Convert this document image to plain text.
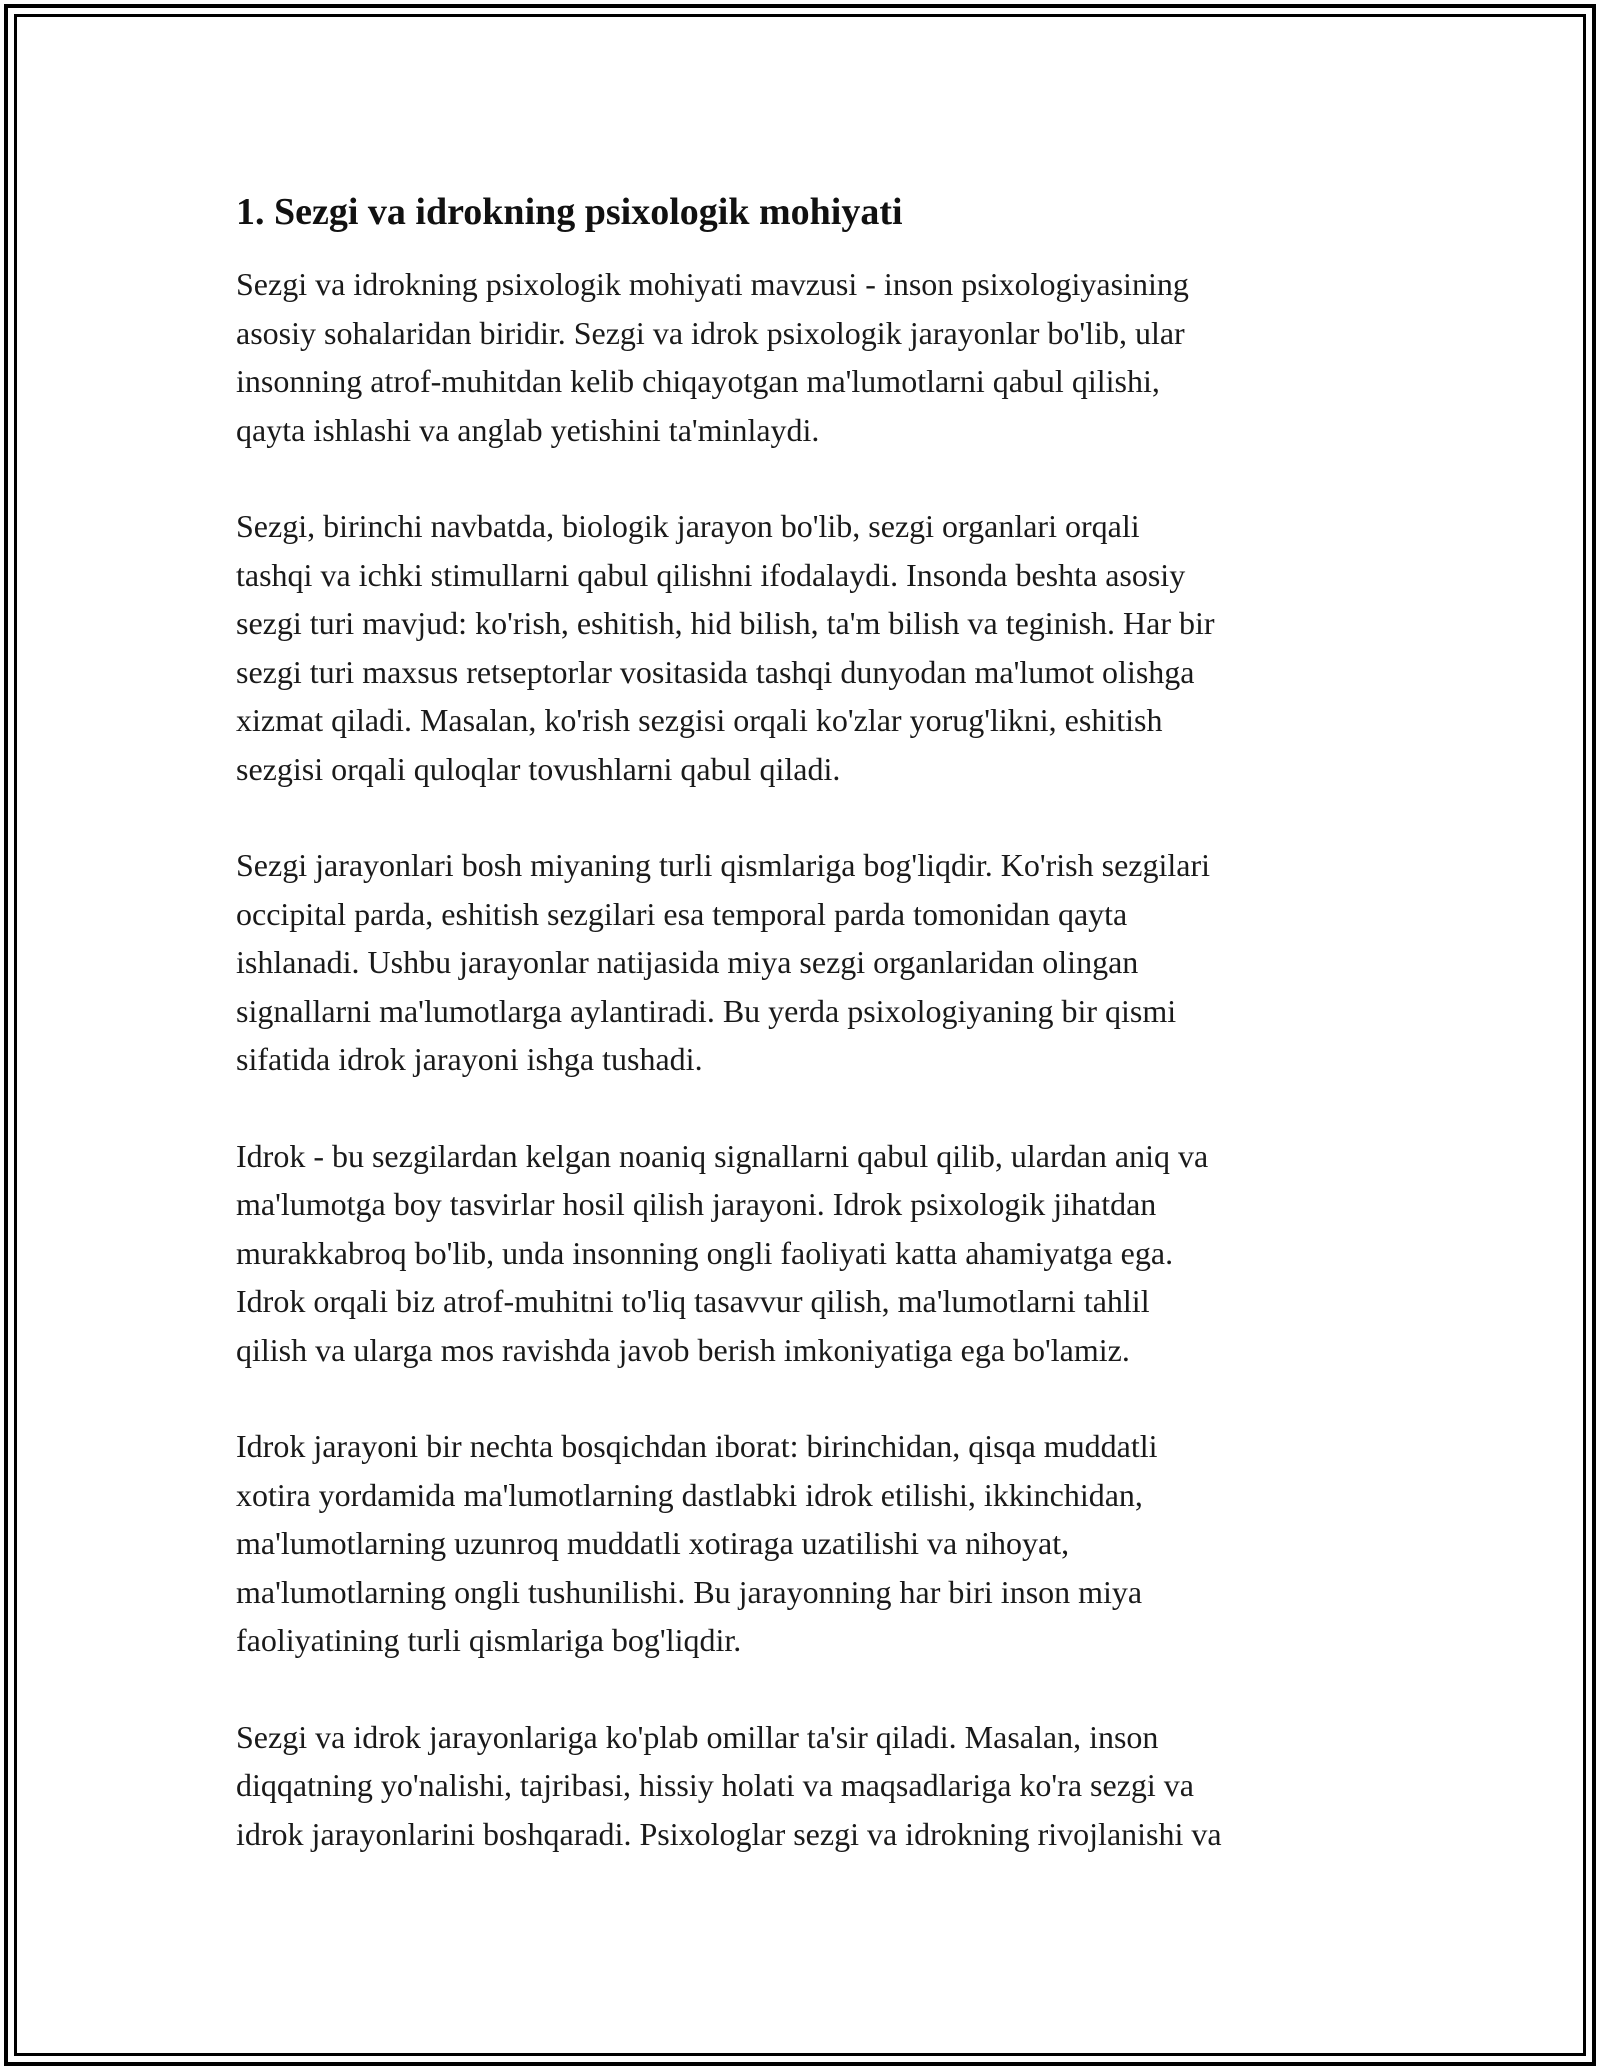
1. Sezgi va idrokning psixologik mohiyati

Sezgi va idrokning psixologik mohiyati mavzusi - inson psixologiyasining
asosiy sohalaridan biridir. Sezgi va idrok psixologik jarayonlar bo'lib, ular
insonning atrof-muhitdan kelib chiqayotgan ma'lumotlarni qabul qilishi,
qayta ishlashi va anglab yetishini ta'minlaydi.

Sezgi, birinchi navbatda, biologik jarayon bo'lib, sezgi organlari orqali
tashqi va ichki stimullarni qabul qilishni ifodalaydi. Insonda beshta asosiy
sezgi turi mavjud: ko'rish, eshitish, hid bilish, ta'm bilish va teginish. Har bir
sezgi turi maxsus retseptorlar vositasida tashqi dunyodan ma'lumot olishga
xizmat qiladi. Masalan, ko'rish sezgisi orqali ko'zlar yorug'likni, eshitish
sezgisi orqali quloqlar tovushlarni qabul qiladi.

Sezgi jarayonlari bosh miyaning turli qismlariga bog'liqdir. Ko'rish sezgilari
occipital parda, eshitish sezgilari esa temporal parda tomonidan qayta
ishlanadi. Ushbu jarayonlar natijasida miya sezgi organlaridan olingan
signallarni ma'lumotlarga aylantiradi. Bu yerda psixologiyaning bir qismi
sifatida idrok jarayoni ishga tushadi.

Idrok - bu sezgilardan kelgan noaniq signallarni qabul qilib, ulardan aniq va
ma'lumotga boy tasvirlar hosil qilish jarayoni. Idrok psixologik jihatdan
murakkabroq bo'lib, unda insonning ongli faoliyati katta ahamiyatga ega.
Idrok orqali biz atrof-muhitni to'liq tasavvur qilish, ma'lumotlarni tahlil
qilish va ularga mos ravishda javob berish imkoniyatiga ega bo'lamiz.

Idrok jarayoni bir nechta bosqichdan iborat: birinchidan, qisqa muddatli
xotira yordamida ma'lumotlarning dastlabki idrok etilishi, ikkinchidan,
ma'lumotlarning uzunroq muddatli xotiraga uzatilishi va nihoyat,
ma'lumotlarning ongli tushunilishi. Bu jarayonning har biri inson miya
faoliyatining turli qismlariga bog'liqdir.

Sezgi va idrok jarayonlariga ko'plab omillar ta'sir qiladi. Masalan, inson
diqqatning yo'nalishi, tajribasi, hissiy holati va maqsadlariga ko'ra sezgi va
idrok jarayonlarini boshqaradi. Psixologlar sezgi va idrokning rivojlanishi va
